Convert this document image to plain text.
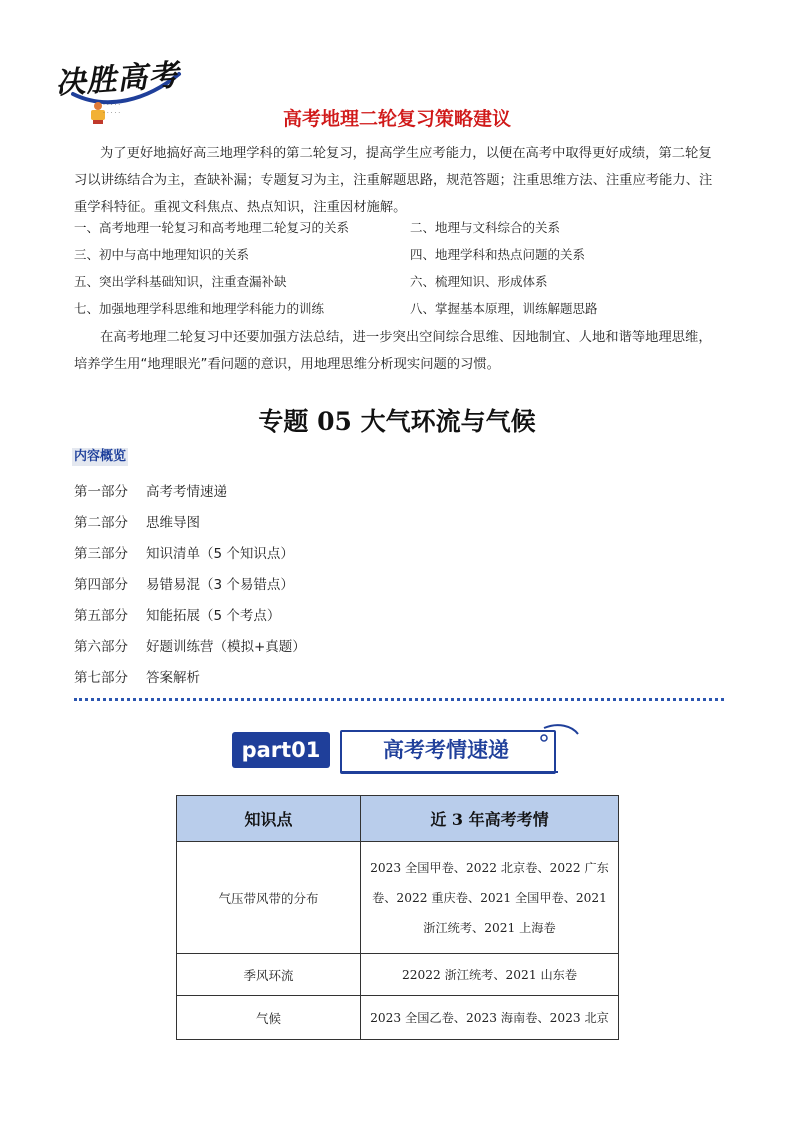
决胜高考
· · · · ·
· · · · ·	高考地理二轮复习策略建议
为了更好地搞好高三地理学科的第二轮复习，提高学生应考能力，以便在高考中取得更好成绩，第二轮复习以讲练结合为主，查缺补漏；专题复习为主，注重解题思路，规范答题；注重思维方法、注重应考能力、注重学科特征。重视文科焦点、热点知识，注重因材施解。
一、高考地理一轮复习和高考地理二轮复习的关系	二、地理与文科综合的关系
三、初中与高中地理知识的关系	四、地理学科和热点问题的关系
五、突出学科基础知识，注重查漏补缺	六、梳理知识、形成体系
七、加强地理学科思维和地理学科能力的训练	八、掌握基本原理，训练解题思路
在高考地理二轮复习中还要加强方法总结，进一步突出空间综合思维、因地制宜、人地和谐等地理思维，培养学生用“地理眼光”看问题的意识，用地理思维分析现实问题的习惯。
专题 05 大气环流与气候
内容概览
第一部分 高考考情速递
第二部分 思维导图
第三部分 知识清单（5 个知识点）
第四部分 易错易混（3 个易错点）
第五部分 知能拓展（5 个考点）
第六部分 好题训练营（模拟+真题）
第七部分 答案解析
part01	高考考情速递
知识点	近 3 年高考考情
气压带风带的分布	2023 全国甲卷、2022 北京卷、2022 广东卷、2022 重庆卷、2021 全国甲卷、2021 浙江统考、2021 上海卷
季风环流	22022 浙江统考、2021 山东卷
气候	2023 全国乙卷、2023 海南卷、2023 北京
